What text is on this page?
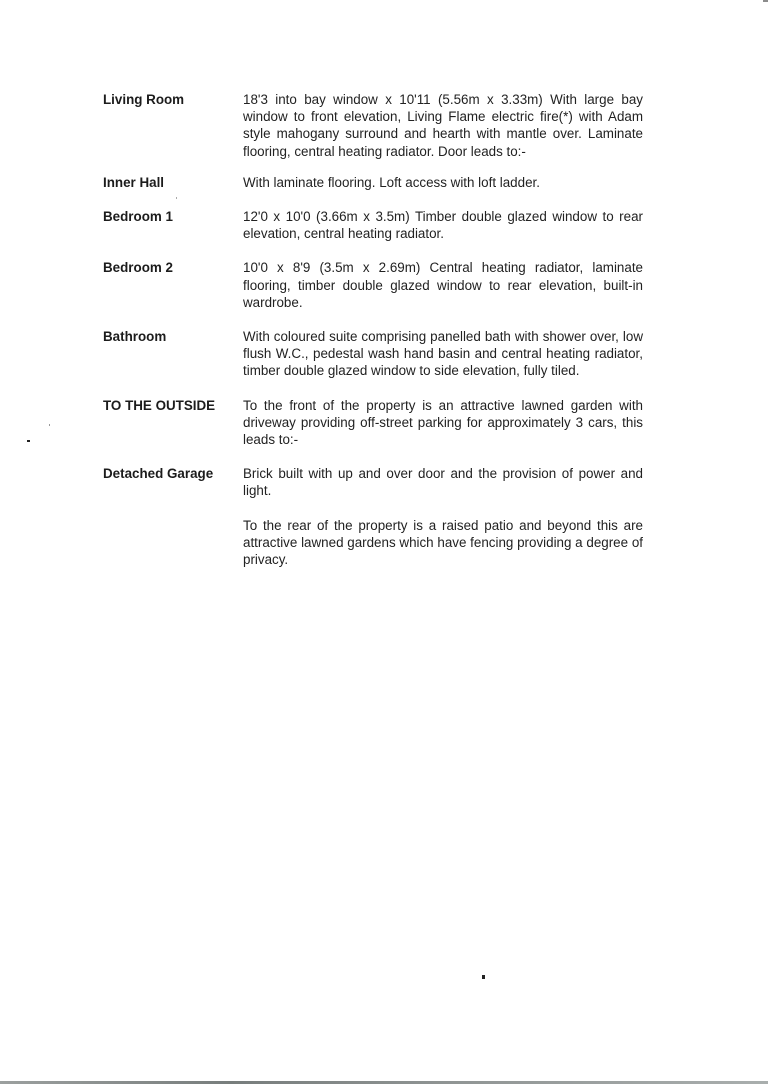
Living Room	18'3 into bay window x 10'11 (5.56m x 3.33m) With large bay window to front elevation, Living Flame electric fire(*) with Adam style mahogany surround and hearth with mantle over. Laminate flooring, central heating radiator. Door leads to:-

Inner Hall	With laminate flooring. Loft access with loft ladder.

Bedroom 1	12'0 x 10'0 (3.66m x 3.5m) Timber double glazed window to rear elevation, central heating radiator.

Bedroom 2	10'0 x 8'9 (3.5m x 2.69m) Central heating radiator, laminate flooring, timber double glazed window to rear elevation, built-in wardrobe.

Bathroom	With coloured suite comprising panelled bath with shower over, low flush W.C., pedestal wash hand basin and central heating radiator, timber double glazed window to side elevation, fully tiled.

TO THE OUTSIDE	To the front of the property is an attractive lawned garden with driveway providing off-street parking for approximately 3 cars, this leads to:-

Detached Garage	Brick built with up and over door and the provision of power and light.

To the rear of the property is a raised patio and beyond this are attractive lawned gardens which have fencing providing a degree of privacy.
